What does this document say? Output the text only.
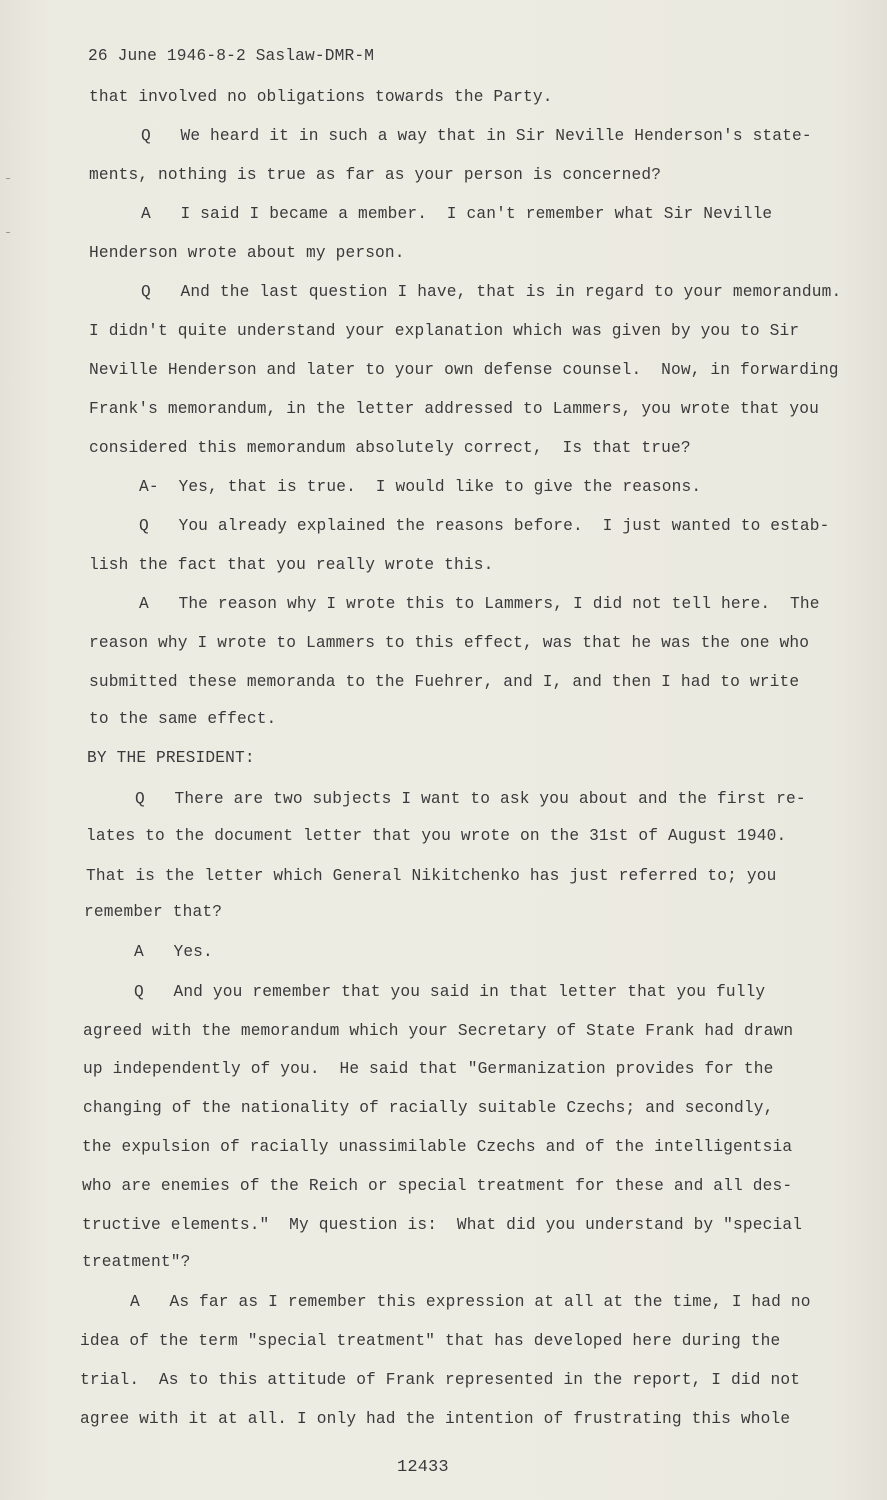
26 June 1946-8-2 Saslaw-DMR-M
that involved no obligations towards the Party.
Q   We heard it in such a way that in Sir Neville Henderson's state-
ments, nothing is true as far as your person is concerned?
A   I said I became a member.  I can't remember what Sir Neville
Henderson wrote about my person.
Q   And the last question I have, that is in regard to your memorandum.
I didn't quite understand your explanation which was given by you to Sir
Neville Henderson and later to your own defense counsel.  Now, in forwarding
Frank's memorandum, in the letter addressed to Lammers, you wrote that you
considered this memorandum absolutely correct,  Is that true?
A-  Yes, that is true.  I would like to give the reasons.
Q   You already explained the reasons before.  I just wanted to estab-
lish the fact that you really wrote this.
A   The reason why I wrote this to Lammers, I did not tell here.  The
reason why I wrote to Lammers to this effect, was that he was the one who
submitted these memoranda to the Fuehrer, and I, and then I had to write
to the same effect.
BY THE PRESIDENT:
Q   There are two subjects I want to ask you about and the first re-
lates to the document letter that you wrote on the 31st of August 1940.
That is the letter which General Nikitchenko has just referred to; you
remember that?
A   Yes.
Q   And you remember that you said in that letter that you fully
agreed with the memorandum which your Secretary of State Frank had drawn
up independently of you.  He said that "Germanization provides for the
changing of the nationality of racially suitable Czechs; and secondly,
the expulsion of racially unassimilable Czechs and of the intelligentsia
who are enemies of the Reich or special treatment for these and all des-
tructive elements."  My question is:  What did you understand by "special
treatment"?
A   As far as I remember this expression at all at the time, I had no
idea of the term "special treatment" that has developed here during the
trial.  As to this attitude of Frank represented in the report, I did not
agree with it at all. I only had the intention of frustrating this whole
12433
